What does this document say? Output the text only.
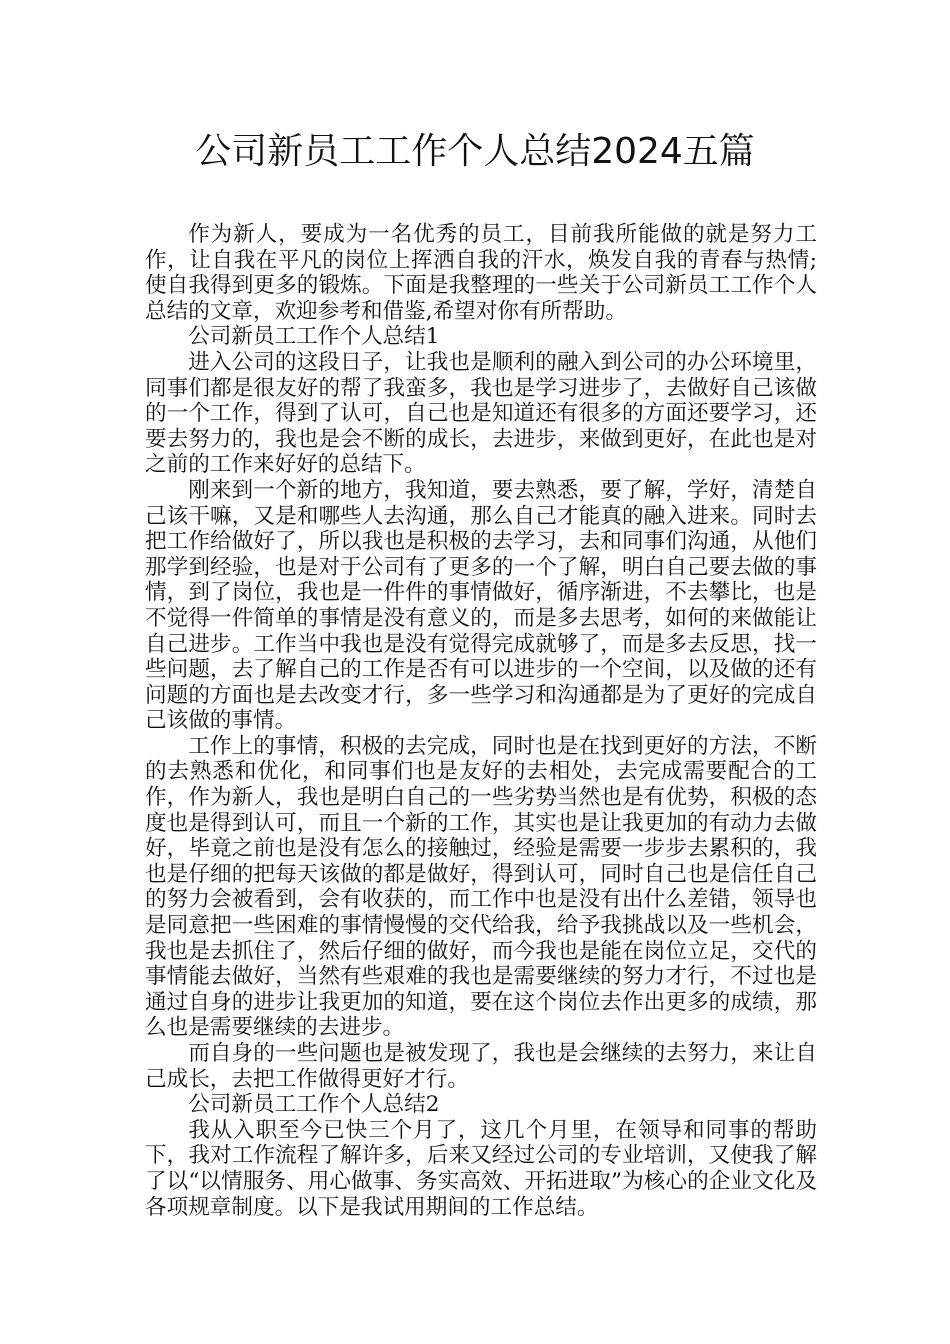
公司新员工工作个人总结2024五篇

作为新人，要成为一名优秀的员工，目前我所能做的就是努力工作，让自我在平凡的岗位上挥洒自我的汗水，焕发自我的青春与热情;使自我得到更多的锻炼。下面是我整理的一些关于公司新员工工作个人总结的文章，欢迎参考和借鉴,希望对你有所帮助。

公司新员工工作个人总结1

进入公司的这段日子，让我也是顺利的融入到公司的办公环境里，同事们都是很友好的帮了我蛮多，我也是学习进步了，去做好自己该做的一个工作，得到了认可，自己也是知道还有很多的方面还要学习，还要去努力的，我也是会不断的成长，去进步，来做到更好，在此也是对之前的工作来好好的总结下。

刚来到一个新的地方，我知道，要去熟悉，要了解，学好，清楚自己该干嘛，又是和哪些人去沟通，那么自己才能真的融入进来。同时去把工作给做好了，所以我也是积极的去学习，去和同事们沟通，从他们那学到经验，也是对于公司有了更多的一个了解，明白自己要去做的事情，到了岗位，我也是一件件的事情做好，循序渐进，不去攀比，也是不觉得一件简单的事情是没有意义的，而是多去思考，如何的来做能让自己进步。工作当中我也是没有觉得完成就够了，而是多去反思，找一些问题，去了解自己的工作是否有可以进步的一个空间，以及做的还有问题的方面也是去改变才行，多一些学习和沟通都是为了更好的完成自己该做的事情。

工作上的事情，积极的去完成，同时也是在找到更好的方法，不断的去熟悉和优化，和同事们也是友好的去相处，去完成需要配合的工作，作为新人，我也是明白自己的一些劣势当然也是有优势，积极的态度也是得到认可，而且一个新的工作，其实也是让我更加的有动力去做好，毕竟之前也是没有怎么的接触过，经验是需要一步步去累积的，我也是仔细的把每天该做的都是做好，得到认可，同时自己也是信任自己的努力会被看到，会有收获的，而工作中也是没有出什么差错，领导也是同意把一些困难的事情慢慢的交代给我，给予我挑战以及一些机会，我也是去抓住了，然后仔细的做好，而今我也是能在岗位立足，交代的事情能去做好，当然有些艰难的我也是需要继续的努力才行，不过也是通过自身的进步让我更加的知道，要在这个岗位去作出更多的成绩，那么也是需要继续的去进步。

而自身的一些问题也是被发现了，我也是会继续的去努力，来让自己成长，去把工作做得更好才行。

公司新员工工作个人总结2

我从入职至今已快三个月了，这几个月里，在领导和同事的帮助下，我对工作流程了解许多，后来又经过公司的专业培训，又使我了解了以“以情服务、用心做事、务实高效、开拓进取”为核心的企业文化及各项规章制度。以下是我试用期间的工作总结。
